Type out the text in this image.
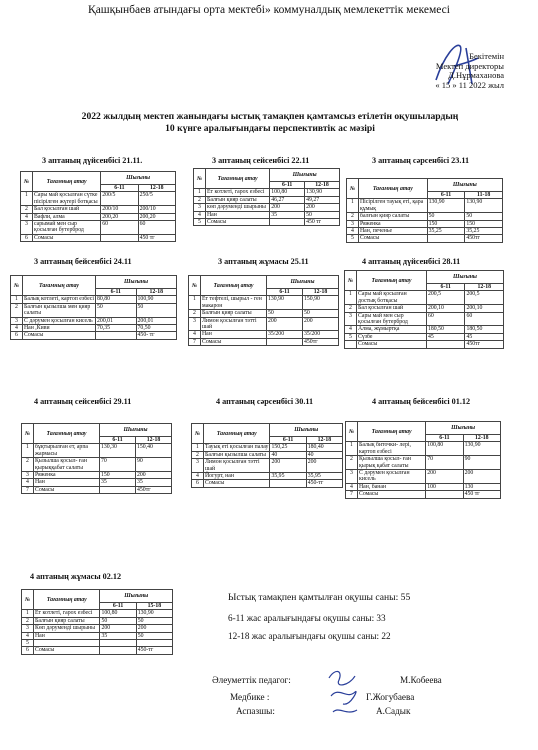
Қашқынбаев атындағы орта мектебі» коммуналдық мемлекеттік мекемесі
Бекітемін
Мектеп директоры
Д.Нұрмаханова
« 15 » 11 2022 жыл
2022 жылдың мектеп жанындағы ыстық тамақпен қамтамсыз етілетін оқушылардың
10 күнге аралығындағы перспективтік ас мәзірі
3 аптаның дүйсенбісі 21.11.	3 аптаның сейсенбісі 22.11	3 аптаның сәрсенбісі 23.11
3 аптаның бейсенбісі 24.11	3 аптаның жұмасы 25.11	4 аптаның дүйсенбісі 28.11
4 аптаның сейсенбісі 29.11	4 аптаның сәрсенбісі 30.11	4 аптаның бейсенбісі 01.12
4 аптаның жұмасы 02.12
№	Тағамның атау	Шығыны	
		6-11	12-18
1	Сары май қосылған сүтке пісірілген жүгері ботқасы	200/5	250/5
2	Бал қосылған шай	200/10	200/10
4	Вафли, алмa	200,20	200,20
3	сарымай мен сыр қосылған бутерброд	60	60
6	Сомасы		450 тг
№	Тағамның атау	Шығыны	
		6-11	12-18
1	Ет котлеті, гарох езбесі	100,80	130,90
2	Балғын қияр салаты	46,27	49,27
3	көп дәрумендi шырыны	200	200
4	Нан	35	50
5	Сомасы		450 тг
№	Тағамның атау	Шығыны	
		6-11	11-18
1	Пісірілген тауық еті, қара құмық	130,90	130,90
2	балғын қияр салаты	50	50
3	Ряженка	150	150
4	Нан, печенье	35,25	35,25
5	Сомасы		450тг
№	Тағамның атау	Шығыны	
		6-11	12-18
1	Балық котлеті, картоп езбесі	80,80	100,90
2	Балғын қызылша мен қияр салаты	50	50
3	С дәрумен қосылған кисель	200,01	200,01
4	Нан ,Киви	70,35	70,50
6	Сомасы		450- тг
№	Тағамның атау	Шығыны	
		6-11	12-18
1	Ет тефтелі, шырыл - ген макарон	130,90	150,90
2	Балғын қияр салаты	50	50
3	Лимон қосылған тәтті шай	200	200
4	Нан	35/200	35/200
7	Сомасы		450тг
№	Тағамның атау	Шығыны	
		6-11	12-18
1	Сары май қосылған достық ботқасы	200,5	200,5
2	Бал қосылған шай	200,10	200,10
3	Сары май мен сыр қосылған бутерброд	60	60
4	Алма, жұмыртқа	180,50	180,50
5	Сүзбе	45	45
	Сомасы		450тг
№	Тағамның атау	Шығыны	
		6-11	12-18
1	бұқтырылған ет, арпа жармасы	130,30	150,40
2	Қызылша қосыл- ған қырыққабат салаты	70	90
3	Ряженка	150	200
4	Нан	35	35
7	Сомасы		450тг
№	Тағамның атау	Шығыны	
		6-11	12-18
1	Тауық еті қосылған палау	150,25	180,40
2	Балғын қызылша салаты	40	40
3	Лимон қосылған тәтті шай	200	200
4	Йогурт, нан	35,95	35,95
6	Сомасы		450-тг
№	Тағамның атау	Шығыны	
		6-11	12-18
1	Балық биточки- лері, картоп езбесі	100,80	130,90
2	Қызылша қосыл- ған қырық қабат салаты	70	90
3	С дәрумен қосылған кисель	200	200
4	Нан, банан	100	130
7	Сомасы		450 тг
№	Тағамның атау	Шығыны	
		6-11	15-18
1	Ет котлеті, гарох езбесі	100,80	130,90
2	Балғын қияр салаты	50	50
3	Көп дәрумендi шырыны	200	200
4	Нан	35	50
5			
6	Сомасы		450-тг
Ыстық тамақпен қамтылған оқушы саны: 55
6-11 жас аралығындағы оқушы саны: 33
12-18 жас аралығындағы оқушы саны: 22
Әлеуметтік педагог:	М.Кобеева
Медбике :	Г.Жогубаева
Аспазшы:	А.Садык
